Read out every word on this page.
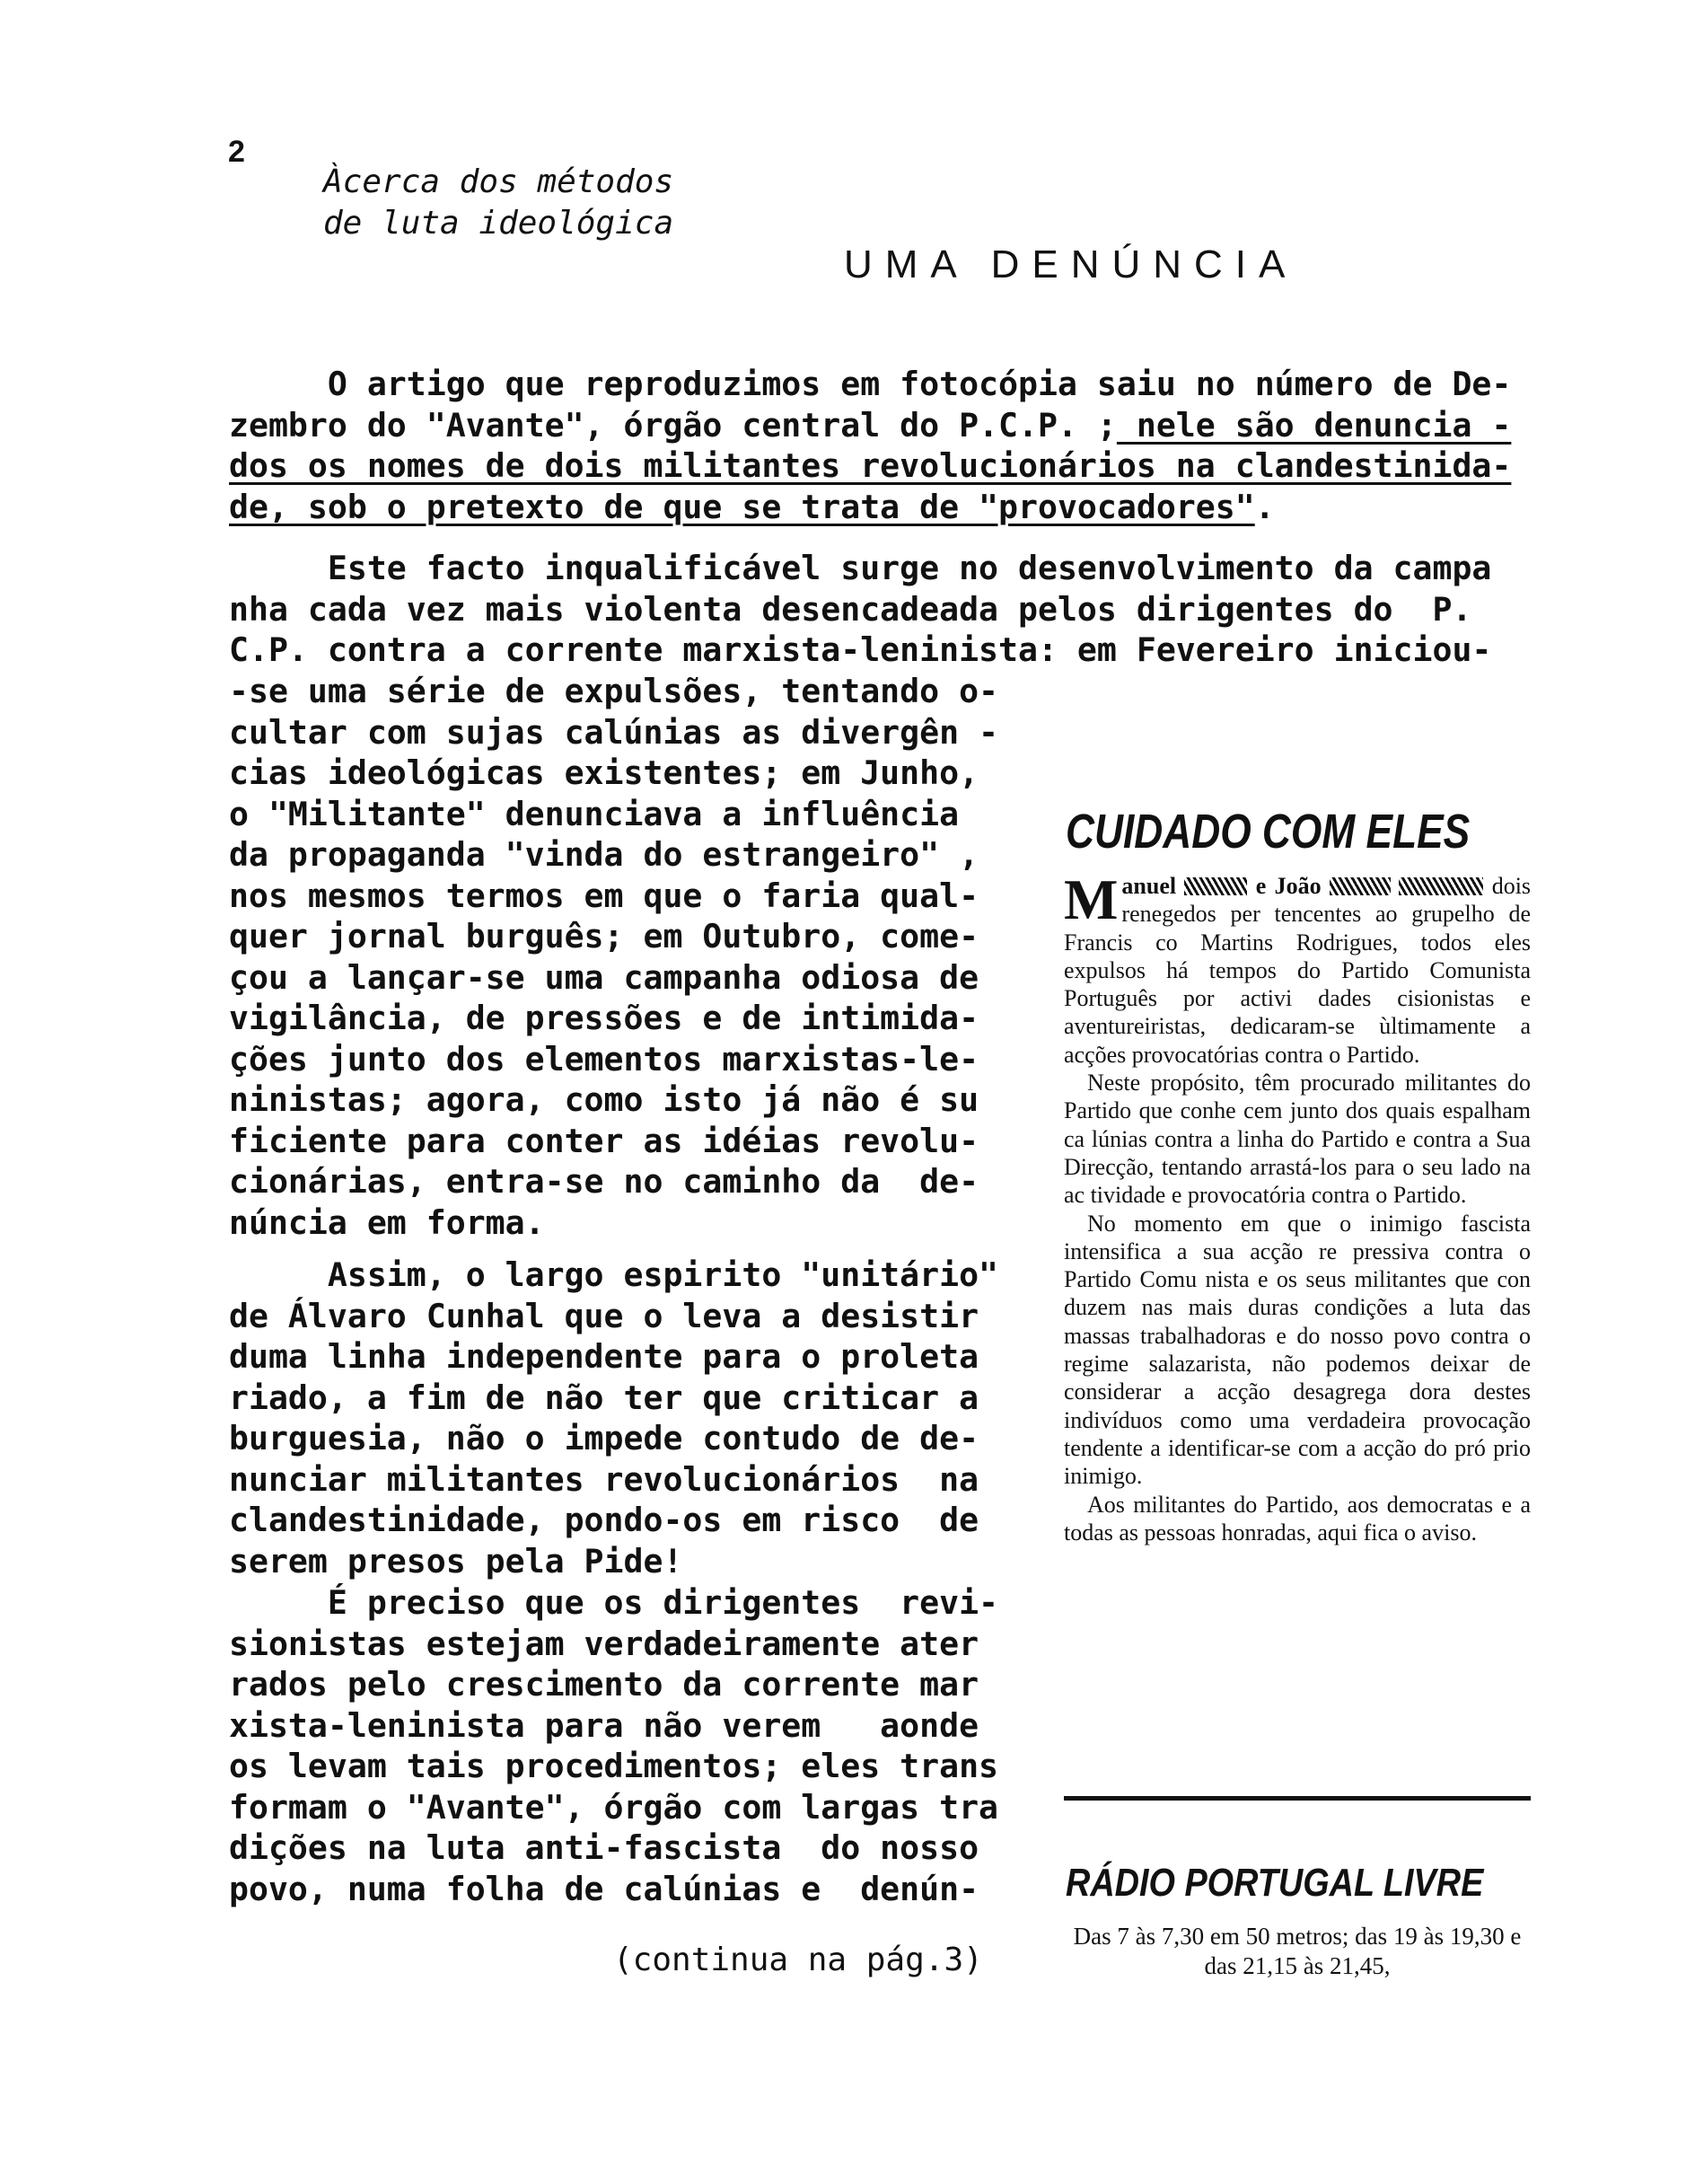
2
Àcerca dos métodos
de luta ideológica
UMA DENÚNCIA

O artigo que reproduzimos em fotocópia saiu no número de De-
zembro do "Avante", órgão central do P.C.P. ; nele são denuncia -
dos os nomes de dois militantes revolucionários na clandestinida-
de, sob o pretexto de que se trata de "provocadores".

Este facto inqualificável surge no desenvolvimento da campa
nha cada vez mais violenta desencadeada pelos dirigentes do  P.
C.P. contra a corrente marxista-leninista: em Fevereiro iniciou-

-se uma série de expulsões, tentando o-
cultar com sujas calúnias as divergên -
cias ideológicas existentes; em Junho,
o "Militante" denunciava a influência
da propaganda "vinda do estrangeiro" ,
nos mesmos termos em que o faria qual-
quer jornal burguês; em Outubro, come-
çou a lançar-se uma campanha odiosa de
vigilância, de pressões e de intimida-
ções junto dos elementos marxistas-le-
ninistas; agora, como isto já não é su
ficiente para conter as idéias revolu-
cionárias, entra-se no caminho da  de-
núncia em forma.

Assim, o largo espirito "unitário"
de Álvaro Cunhal que o leva a desistir
duma linha independente para o proleta
riado, a fim de não ter que criticar a
burguesia, não o impede contudo de de-
nunciar militantes revolucionários  na
clandestinidade, pondo-os em risco  de
serem presos pela Pide!

É preciso que os dirigentes  revi-
sionistas estejam verdadeiramente ater
rados pelo crescimento da corrente mar
xista-leninista para não verem   aonde
os levam tais procedimentos; eles trans
formam o "Avante", órgão com largas tra
dições na luta anti-fascista  do nosso
povo, numa folha de calúnias e  denún-

(continua na pág.3)
CUIDADO COM ELES

Manuel	e João	dois renegedos per tencentes ao grupelho de Francis co Martins Rodrigues, todos eles expulsos há tempos do Partido Comunista Português por activi dades cisionistas e aventureiristas, dedicaram-se ùltimamente a acções provocatórias contra o Partido.

Neste propósito, têm procurado militantes do Partido que conhe cem junto dos quais espalham ca lúnias contra a linha do Partido e contra a Sua Direcção, tentando arrastá-los para o seu lado na ac tividade e provocatória contra o Partido.

No momento em que o inimigo fascista intensifica a sua acção re pressiva contra o Partido Comu nista e os seus militantes que con duzem nas mais duras condições a luta das massas trabalhadoras e do nosso povo contra o regime salazarista, não podemos deixar de considerar a acção desagrega dora destes indivíduos como uma verdadeira provocação tendente a identificar-se com a acção do pró prio inimigo.

Aos militantes do Partido, aos democratas e a todas as pessoas honradas, aqui fica o aviso.

RÁDIO PORTUGAL LIVRE
Das 7 às 7,30 em 50 metros; das 19 às 19,30 e das 21,15 às 21,45,
